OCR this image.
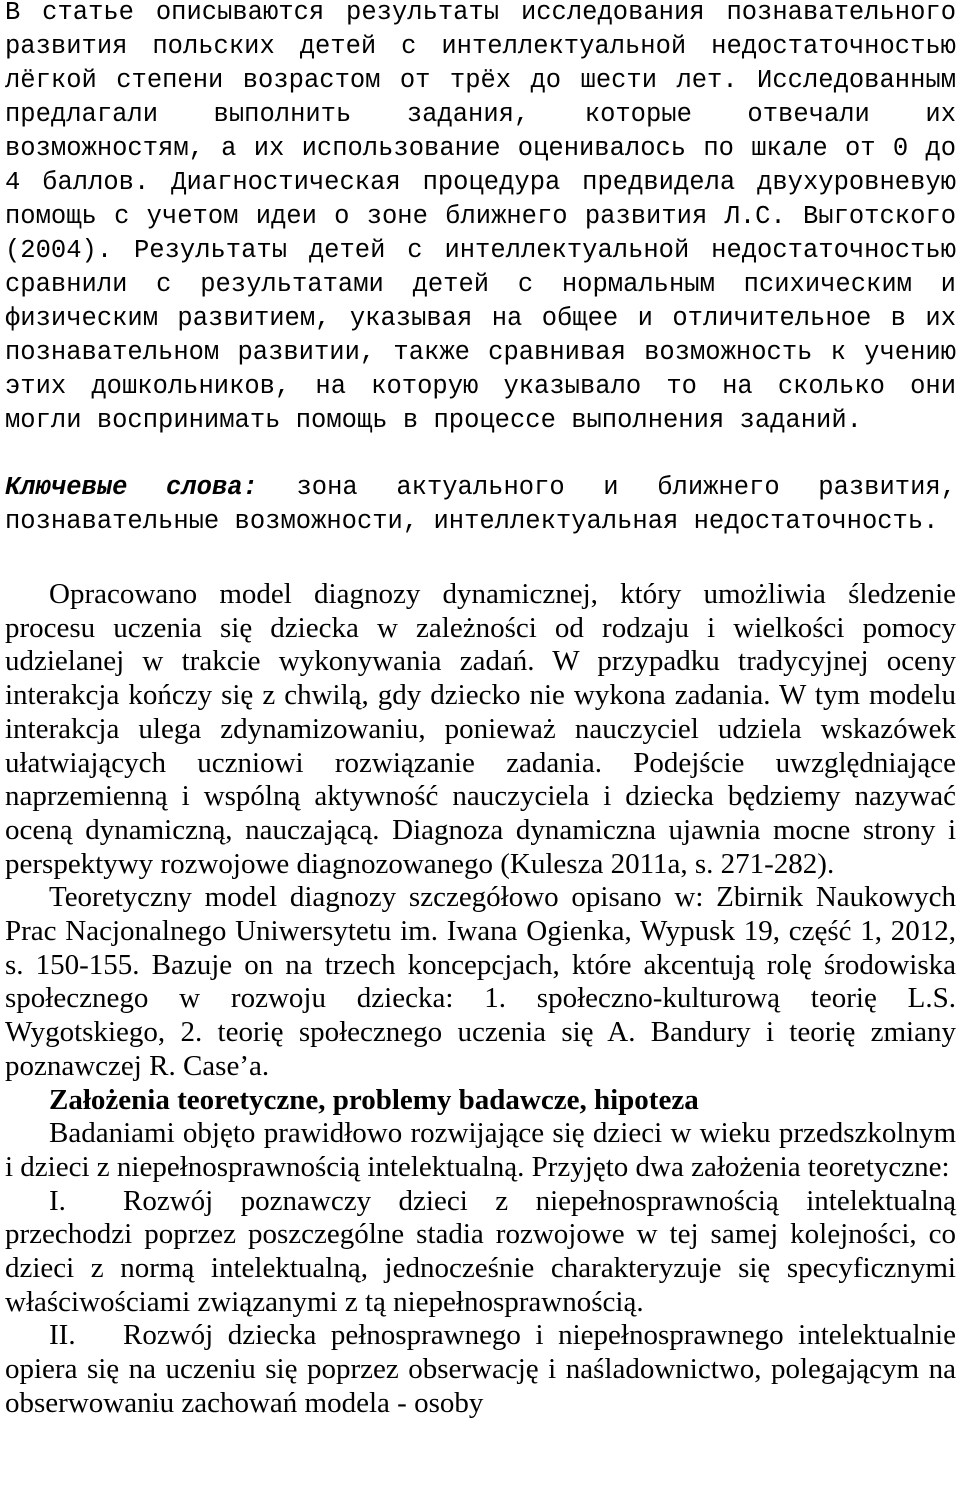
В статье описываются результаты исследования познавательного развития польских детей с интеллектуальной недостаточностью лёгкой степени возрастом от трёх до шести лет. Исследованным предлагали выполнить задания, которые отвечали их возможностям, а их использование оценивалось по шкале от 0 до 4 баллов. Диагностическая процедура предвидела двухуровневую помощь с учетом идеи о зоне ближнего развития Л.С. Выготского (2004). Результаты детей с интеллектуальной недостаточностью сравнили с результатами детей с нормальным психическим и физическим развитием, указывая на общее и отличительное в их познавательном развитии, также сравнивая возможность к учению этих дошкольников, на которую указывало то на сколько они могли воспринимать помощь в процессе выполнения заданий.

Ключевые слова: зона актуального и ближнего развития, познавательные возможности, интеллектуальная недостаточность.

Opracowano model diagnozy dynamicznej, który umożliwia śledzenie procesu uczenia się dziecka w zależności od rodzaju i wielkości pomocy udzielanej w trakcie wykonywania zadań. W przypadku tradycyjnej oceny interakcja kończy się z chwilą, gdy dziecko nie wykona zadania. W tym modelu interakcja ulega zdynamizowaniu, ponieważ nauczyciel udziela wskazówek ułatwiających uczniowi rozwiązanie zadania. Podejście uwzględniające naprzemienną i wspólną aktywność nauczyciela i dziecka będziemy nazywać oceną dynamiczną, nauczającą. Diagnoza dynamiczna ujawnia mocne strony i perspektywy rozwojowe diagnozowanego (Kulesza 2011a, s. 271-282).

Teoretyczny model diagnozy szczegółowo opisano w: Zbirnik Naukowych Prac Nacjonalnego Uniwersytetu im. Iwana Ogienka, Wypusk 19, część 1, 2012, s. 150-155. Bazuje on na trzech koncepcjach, które akcentują rolę środowiska społecznego w rozwoju dziecka: 1. społeczno-kulturową teorię L.S. Wygotskiego, 2. teorię społecznego uczenia się A. Bandury i teorię zmiany poznawczej R. Case’a.

Założenia teoretyczne, problemy badawcze, hipoteza

Badaniami objęto prawidłowo rozwijające się dzieci w wieku przedszkolnym i dzieci z niepełnosprawnością intelektualną. Przyjęto dwa założenia teoretyczne:

I. Rozwój poznawczy dzieci z niepełnosprawnością intelektualną przechodzi poprzez poszczególne stadia rozwojowe w tej samej kolejności, co dzieci z normą intelektualną, jednocześnie charakteryzuje się specyficznymi właściwościami związanymi z tą niepełnosprawnością.

II. Rozwój dziecka pełnosprawnego i niepełnosprawnego intelektualnie opiera się na uczeniu się poprzez obserwację i naśladownictwo, polegającym na obserwowaniu zachowań modela - osoby
